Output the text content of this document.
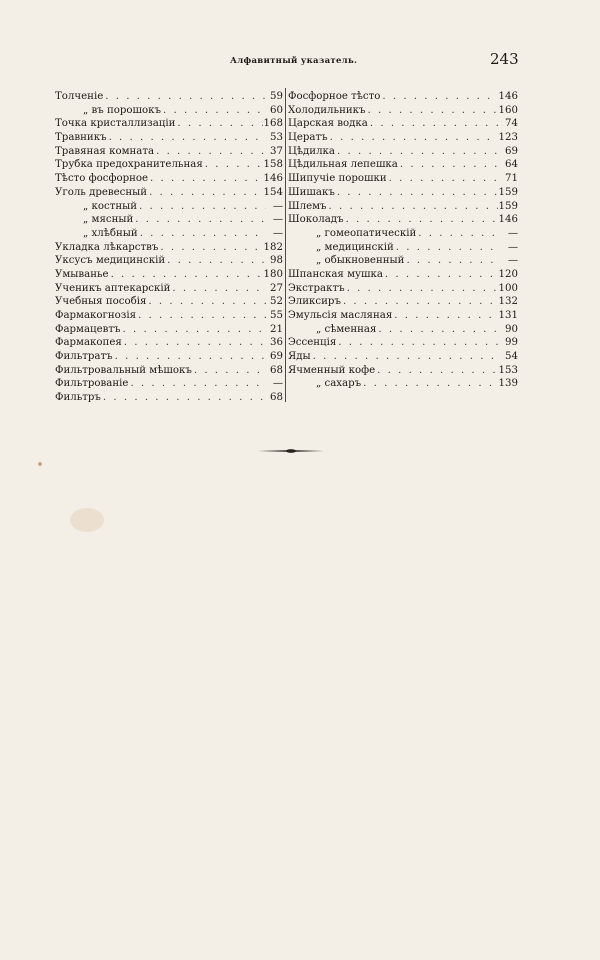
Алфавитный указатель.	243
Толченіе . . .	59
„ въ порошокъ . . .	60
Точка кристаллизаціи . . .	168
Травникъ . . .	53
Травяная комната . . .	37
Трубка предохранительная . . .	158
Тѣсто фосфорное . . .	146
Уголь древесный . . .	154
„ костный . . .	—
„ мясный . . .	—
„ хлѣбный . . .	—
Укладка лѣкарствъ . . .	182
Уксусъ медицинскій . . .	98
Умыванье . . .	180
Ученикъ аптекарскій . . .	27
Учебныя пособія . . .	52
Фармакогнозія . . .	55
Фармацевтъ . . .	21
Фармакопея . . .	36
Фильтратъ . . .	69
Фильтровальный мѣшокъ . . .	68
Фильтрованіе . . .	—
Фильтръ . . .	68
Фосфорное тѣсто . . .	146
Холодильникъ . . .	160
Царская водка . . .	74
Цератъ . . .	123
Цѣдилка . . .	69
Цѣдильная лепешка . . .	64
Шипучіе порошки . . .	71
Шишакъ . . .	159
Шлемъ . . .	159
Шоколадъ . . .	146
„ гомеопатическій . . .	—
„ медицинскій . . .	—
„ обыкновенный . . .	—
Шпанская мушка . . .	120
Экстрактъ . . .	100
Эликсиръ . . .	132
Эмульсія масляная . . .	131
„ сѣменная . . .	90
Эссенція . . .	99
Яды . . .	54
Ячменный кофе . . .	153
„ сахаръ . . .	139
